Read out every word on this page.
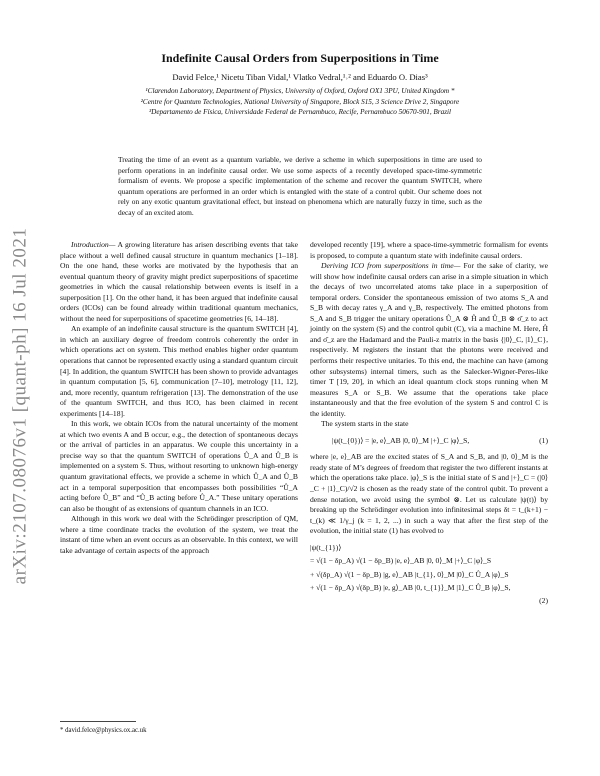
arXiv:2107.08076v1 [quant-ph] 16 Jul 2021
Indefinite Causal Orders from Superpositions in Time
David Felce,¹ Nicetu Tiban Vidal,¹ Vlatko Vedral,¹˒² and Eduardo O. Dias³
¹Clarendon Laboratory, Department of Physics, University of Oxford, Oxford OX1 3PU, United Kingdom *
²Centre for Quantum Technologies, National University of Singapore, Block S15, 3 Science Drive 2, Singapore
³Departamento de Física, Universidade Federal de Pernambuco, Recife, Pernambuco 50670-901, Brazil
Treating the time of an event as a quantum variable, we derive a scheme in which superpositions in time are used to perform operations in an indefinite causal order. We use some aspects of a recently developed space-time-symmetric formalism of events. We propose a specific implementation of the scheme and recover the quantum SWITCH, where quantum operations are performed in an order which is entangled with the state of a control qubit. Our scheme does not rely on any exotic quantum gravitational effect, but instead on phenomena which are naturally fuzzy in time, such as the decay of an excited atom.

Introduction— A growing literature has arisen describing events that take place without a well defined causal structure in quantum mechanics [1–18]. On the one hand, these works are motivated by the hypothesis that an eventual quantum theory of gravity might predict superpositions of spacetime geometries in which the causal relationship between events is itself in a superposition [1]. On the other hand, it has been argued that indefinite causal orders (ICOs) can be found already within traditional quantum mechanics, without the need for superpositions of spacetime geometries [6, 14–18].

An example of an indefinite causal structure is the quantum SWITCH [4], in which an auxiliary degree of freedom controls coherently the order in which operations act on system. This method enables higher order quantum operations that cannot be represented exactly using a standard quantum circuit [4]. In addition, the quantum SWITCH has been shown to provide advantages in quantum computation [5, 6], communication [7–10], metrology [11, 12], and, more recently, quantum refrigeration [13]. The demonstration of the use of the quantum SWITCH, and thus ICO, has been claimed in recent experiments [14–18].

In this work, we obtain ICOs from the natural uncertainty of the moment at which two events A and B occur, e.g., the detection of spontaneous decays or the arrival of particles in an apparatus. We couple this uncertainty in a precise way so that the quantum SWITCH of operations Û_A and Û_B is implemented on a system S. Thus, without resorting to unknown high-energy quantum gravitational effects, we provide a scheme in which Û_A and Û_B act in a temporal superposition that encompasses both possibilities “Û_A acting before Û_B” and “Û_B acting before Û_A.” These unitary operations can also be thought of as extensions of quantum channels in an ICO.

Although in this work we deal with the Schrödinger prescription of QM, where a time coordinate tracks the evolution of the system, we treat the instant of time when an event occurs as an observable. In this context, we will take advantage of certain aspects of the approach

developed recently [19], where a space-time-symmetric formalism for events is proposed, to compute a quantum state with indefinite causal orders.

Deriving ICO from superpositions in time— For the sake of clarity, we will show how indefinite causal orders can arise in a simple situation in which the decays of two uncorrelated atoms take place in a superposition of temporal orders. Consider the spontaneous emission of two atoms S_A and S_B with decay rates γ_A and γ_B, respectively. The emitted photons from S_A and S_B trigger the unitary operations Û_A ⊗ Ĥ and Û_B ⊗ σ̂_z to act jointly on the system (S) and the control qubit (C), via a machine M. Here, Ĥ and σ̂_z are the Hadamard and the Pauli-z matrix in the basis {|0⟩_C, |1⟩_C}, respectively. M registers the instant that the photons were received and performs their respective unitaries. To this end, the machine can have (among other subsystems) internal timers, such as the Salecker-Wigner-Peres-like timer T [19, 20], in which an ideal quantum clock stops running when M measures S_A or S_B. We assume that the operations take place instantaneously and that the free evolution of the system S and control C is the identity.

The system starts in the state

|ψ(t_{0})⟩ = |e, e⟩_AB |0, 0⟩_M |+⟩_C |φ⟩_S,	(1)

where |e, e⟩_AB are the excited states of S_A and S_B, and |0, 0⟩_M is the ready state of M’s degrees of freedom that register the two different instants at which the operations take place. |φ⟩_S is the initial state of S and |+⟩_C = (|0⟩_C + |1⟩_C)/√2 is chosen as the ready state of the control qubit. To prevent a dense notation, we avoid using the symbol ⊗. Let us calculate |ψ(t)⟩ by breaking up the Schrödinger evolution into infinitesimal steps δt = t_(k+1) − t_(k) ≪ 1/γ_j (k = 1, 2, ...) in such a way that after the first step of the evolution, the initial state (1) has evolved to

|ψ(t_{1})⟩
= √(1 − δp_A) √(1 − δp_B) |e, e⟩_AB |0, 0⟩_M |+⟩_C |φ⟩_S
+ √(δp_A) √(1 − δp_B) |g, e⟩_AB |t_{1}, 0⟩_M |0⟩_C Û_A |φ⟩_S
+ √(1 − δp_A) √(δp_B) |e, g⟩_AB |0, t_{1}⟩_M |1⟩_C Û_B |φ⟩_S,
(2)
* david.felce@physics.ox.ac.uk
